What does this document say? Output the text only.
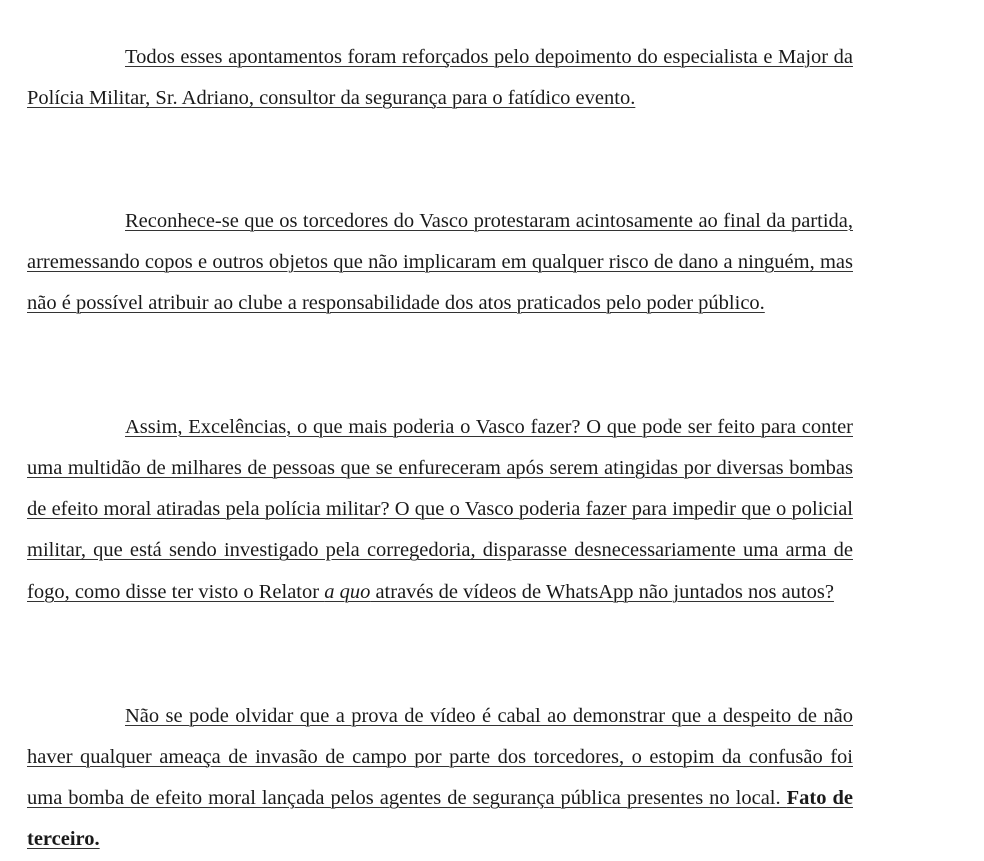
Todos esses apontamentos foram reforçados pelo depoimento do especialista e Major da Polícia Militar, Sr. Adriano, consultor da segurança para o fatídico evento.

Reconhece-se que os torcedores do Vasco protestaram acintosamente ao final da partida, arremessando copos e outros objetos que não implicaram em qualquer risco de dano a ninguém, mas não é possível atribuir ao clube a responsabilidade dos atos praticados pelo poder público.

Assim, Excelências, o que mais poderia o Vasco fazer? O que pode ser feito para conter uma multidão de milhares de pessoas que se enfureceram após serem atingidas por diversas bombas de efeito moral atiradas pela polícia militar? O que o Vasco poderia fazer para impedir que o policial militar, que está sendo investigado pela corregedoria, disparasse desnecessariamente uma arma de fogo, como disse ter visto o Relator a quo através de vídeos de WhatsApp não juntados nos autos?

Não se pode olvidar que a prova de vídeo é cabal ao demonstrar que a despeito de não haver qualquer ameaça de invasão de campo por parte dos torcedores, o estopim da confusão foi uma bomba de efeito moral lançada pelos agentes de segurança pública presentes no local. Fato de terceiro.
